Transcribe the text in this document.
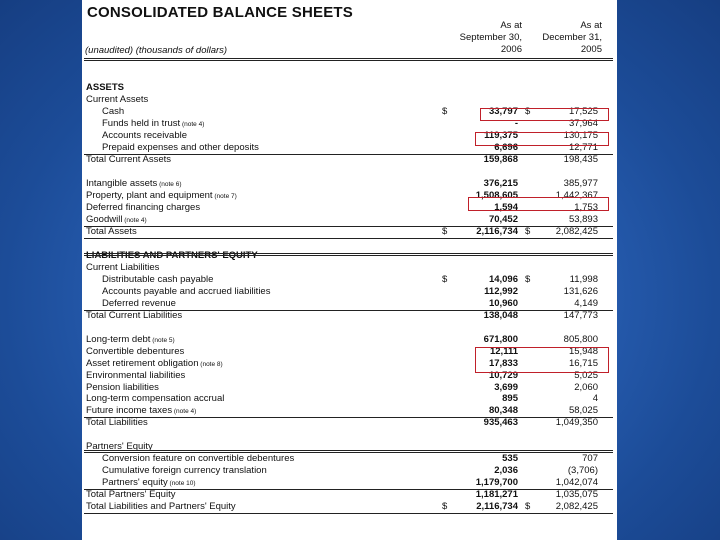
CONSOLIDATED BALANCE SHEETS
As at
September 30,
2006
As at
December 31,
2005
(unaudited) (thousands of dollars)
ASSETS
Current Assets
Cash	$	33,797 $	17,525
Funds held in trust (note 4)	-	37,964
Accounts receivable	119,375	130,175
Prepaid expenses and other deposits	6,696	12,771
Total Current Assets	159,868	198,435
Intangible assets (note 6)	376,215	385,977
Property, plant and equipment (note 7)	1,508,605	1,442,367
Deferred financing charges	1,594	1,753
Goodwill (note 4)	70,452	53,893
Total Assets	$	2,116,734 $	2,082,425
LIABILITIES AND PARTNERS' EQUITY
Current Liabilities
Distributable cash payable	$	14,096 $	11,998
Accounts payable and accrued liabilities	112,992	131,626
Deferred revenue	10,960	4,149
Total Current Liabilities	138,048	147,773
Long-term debt (note 5)	671,800	805,800
Convertible debentures	12,111	15,948
Asset retirement obligation (note 8)	17,833	16,715
Environmental liabilities	10,729	5,025
Pension liabilities	3,699	2,060
Long-term compensation accrual	895	4
Future income taxes (note 4)	80,348	58,025
Total Liabilities	935,463	1,049,350
Partners' Equity
Conversion feature on convertible debentures	535	707
Cumulative foreign currency translation	2,036	(3,706)
Partners' equity (note 10)	1,179,700	1,042,074
Total Partners' Equity	1,181,271	1,035,075
Total Liabilities and Partners' Equity	$	2,116,734 $	2,082,425
